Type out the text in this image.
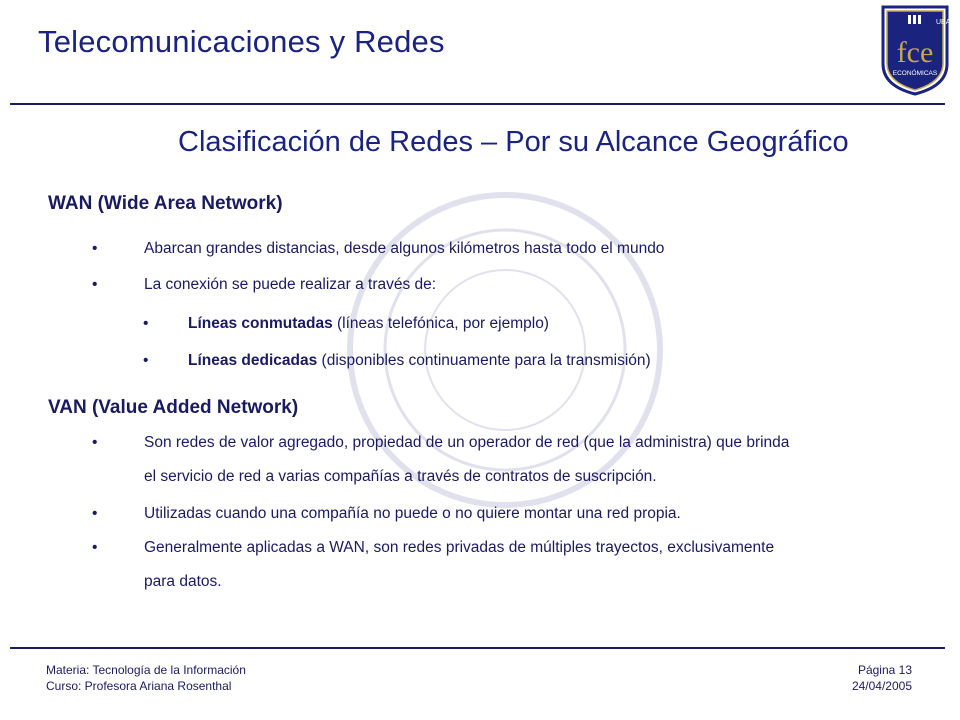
Telecomunicaciones y Redes
UBA
fce
ECONÓMICAS
Clasificación de Redes – Por su Alcance Geográfico
WAN (Wide Area Network)
•	Abarcan grandes distancias, desde algunos kilómetros hasta todo el mundo
•	La conexión se puede realizar a través de:
•	Líneas conmutadas (líneas telefónica, por ejemplo)
•	Líneas dedicadas (disponibles continuamente para la transmisión)
VAN (Value Added Network)
•	Son redes de valor agregado, propiedad de un operador de red (que la administra) que brinda
el servicio de red a varias compañías a través de contratos de suscripción.
•	Utilizadas cuando una compañía no puede o no quiere montar una red propia.
•	Generalmente aplicadas a WAN, son redes privadas de múltiples trayectos, exclusivamente
para datos.
Materia: Tecnología de la Información
Curso: Profesora Ariana Rosenthal
Página 13
24/04/2005
